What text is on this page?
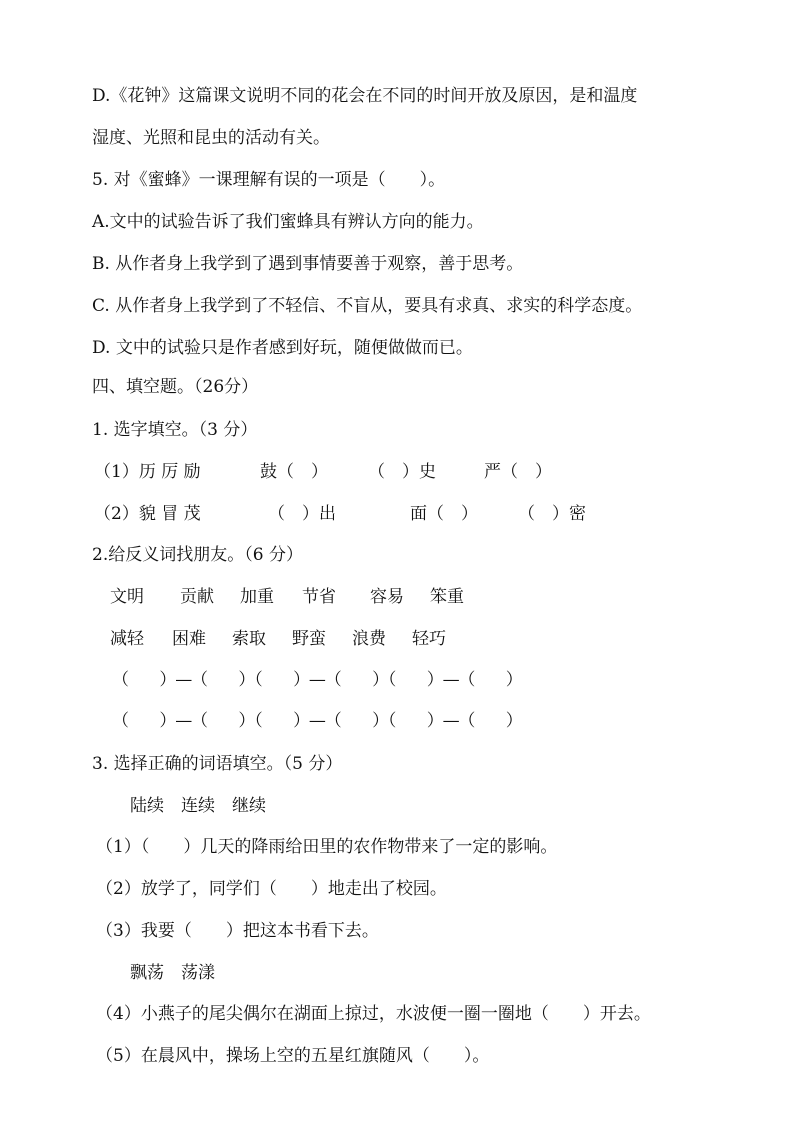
D.《花钟》这篇课文说明不同的花会在不同的时间开放及原因，是和温度
湿度、光照和昆虫的活动有关。
5. 对《蜜蜂》一课理解有误的一项是（　　）。
A.文中的试验告诉了我们蜜蜂具有辨认方向的能力。
B. 从作者身上我学到了遇到事情要善于观察，善于思考。
C. 从作者身上我学到了不轻信、不盲从，要具有求真、求实的科学态度。
D. 文中的试验只是作者感到好玩，随便做做而已。
四、填空题。（26分）
1. 选字填空。（3 分）
（1）历 厉 励	鼓（　） （　）史	严（　）
（2）貌 冒 茂	（　）出	面（　） （　）密
2.给反义词找朋友。（6 分）
文明 贡献 加重 节省 容易 笨重
减轻 困难 索取 野蛮 浪费 轻巧
（　　）—（　　）（　　）—（　　）（　　）—（　　）
（　　）—（　　）（　　）—（　　）（　　）—（　　）
3. 选择正确的词语填空。（5 分）
陆续　连续　继续
（1）（　　）几天的降雨给田里的农作物带来了一定的影响。
（2）放学了，同学们（　　）地走出了校园。
（3）我要（　　）把这本书看下去。
飘荡　荡漾
（4）小燕子的尾尖偶尔在湖面上掠过，水波便一圈一圈地（　　）开去。
（5）在晨风中，操场上空的五星红旗随风（　　）。
